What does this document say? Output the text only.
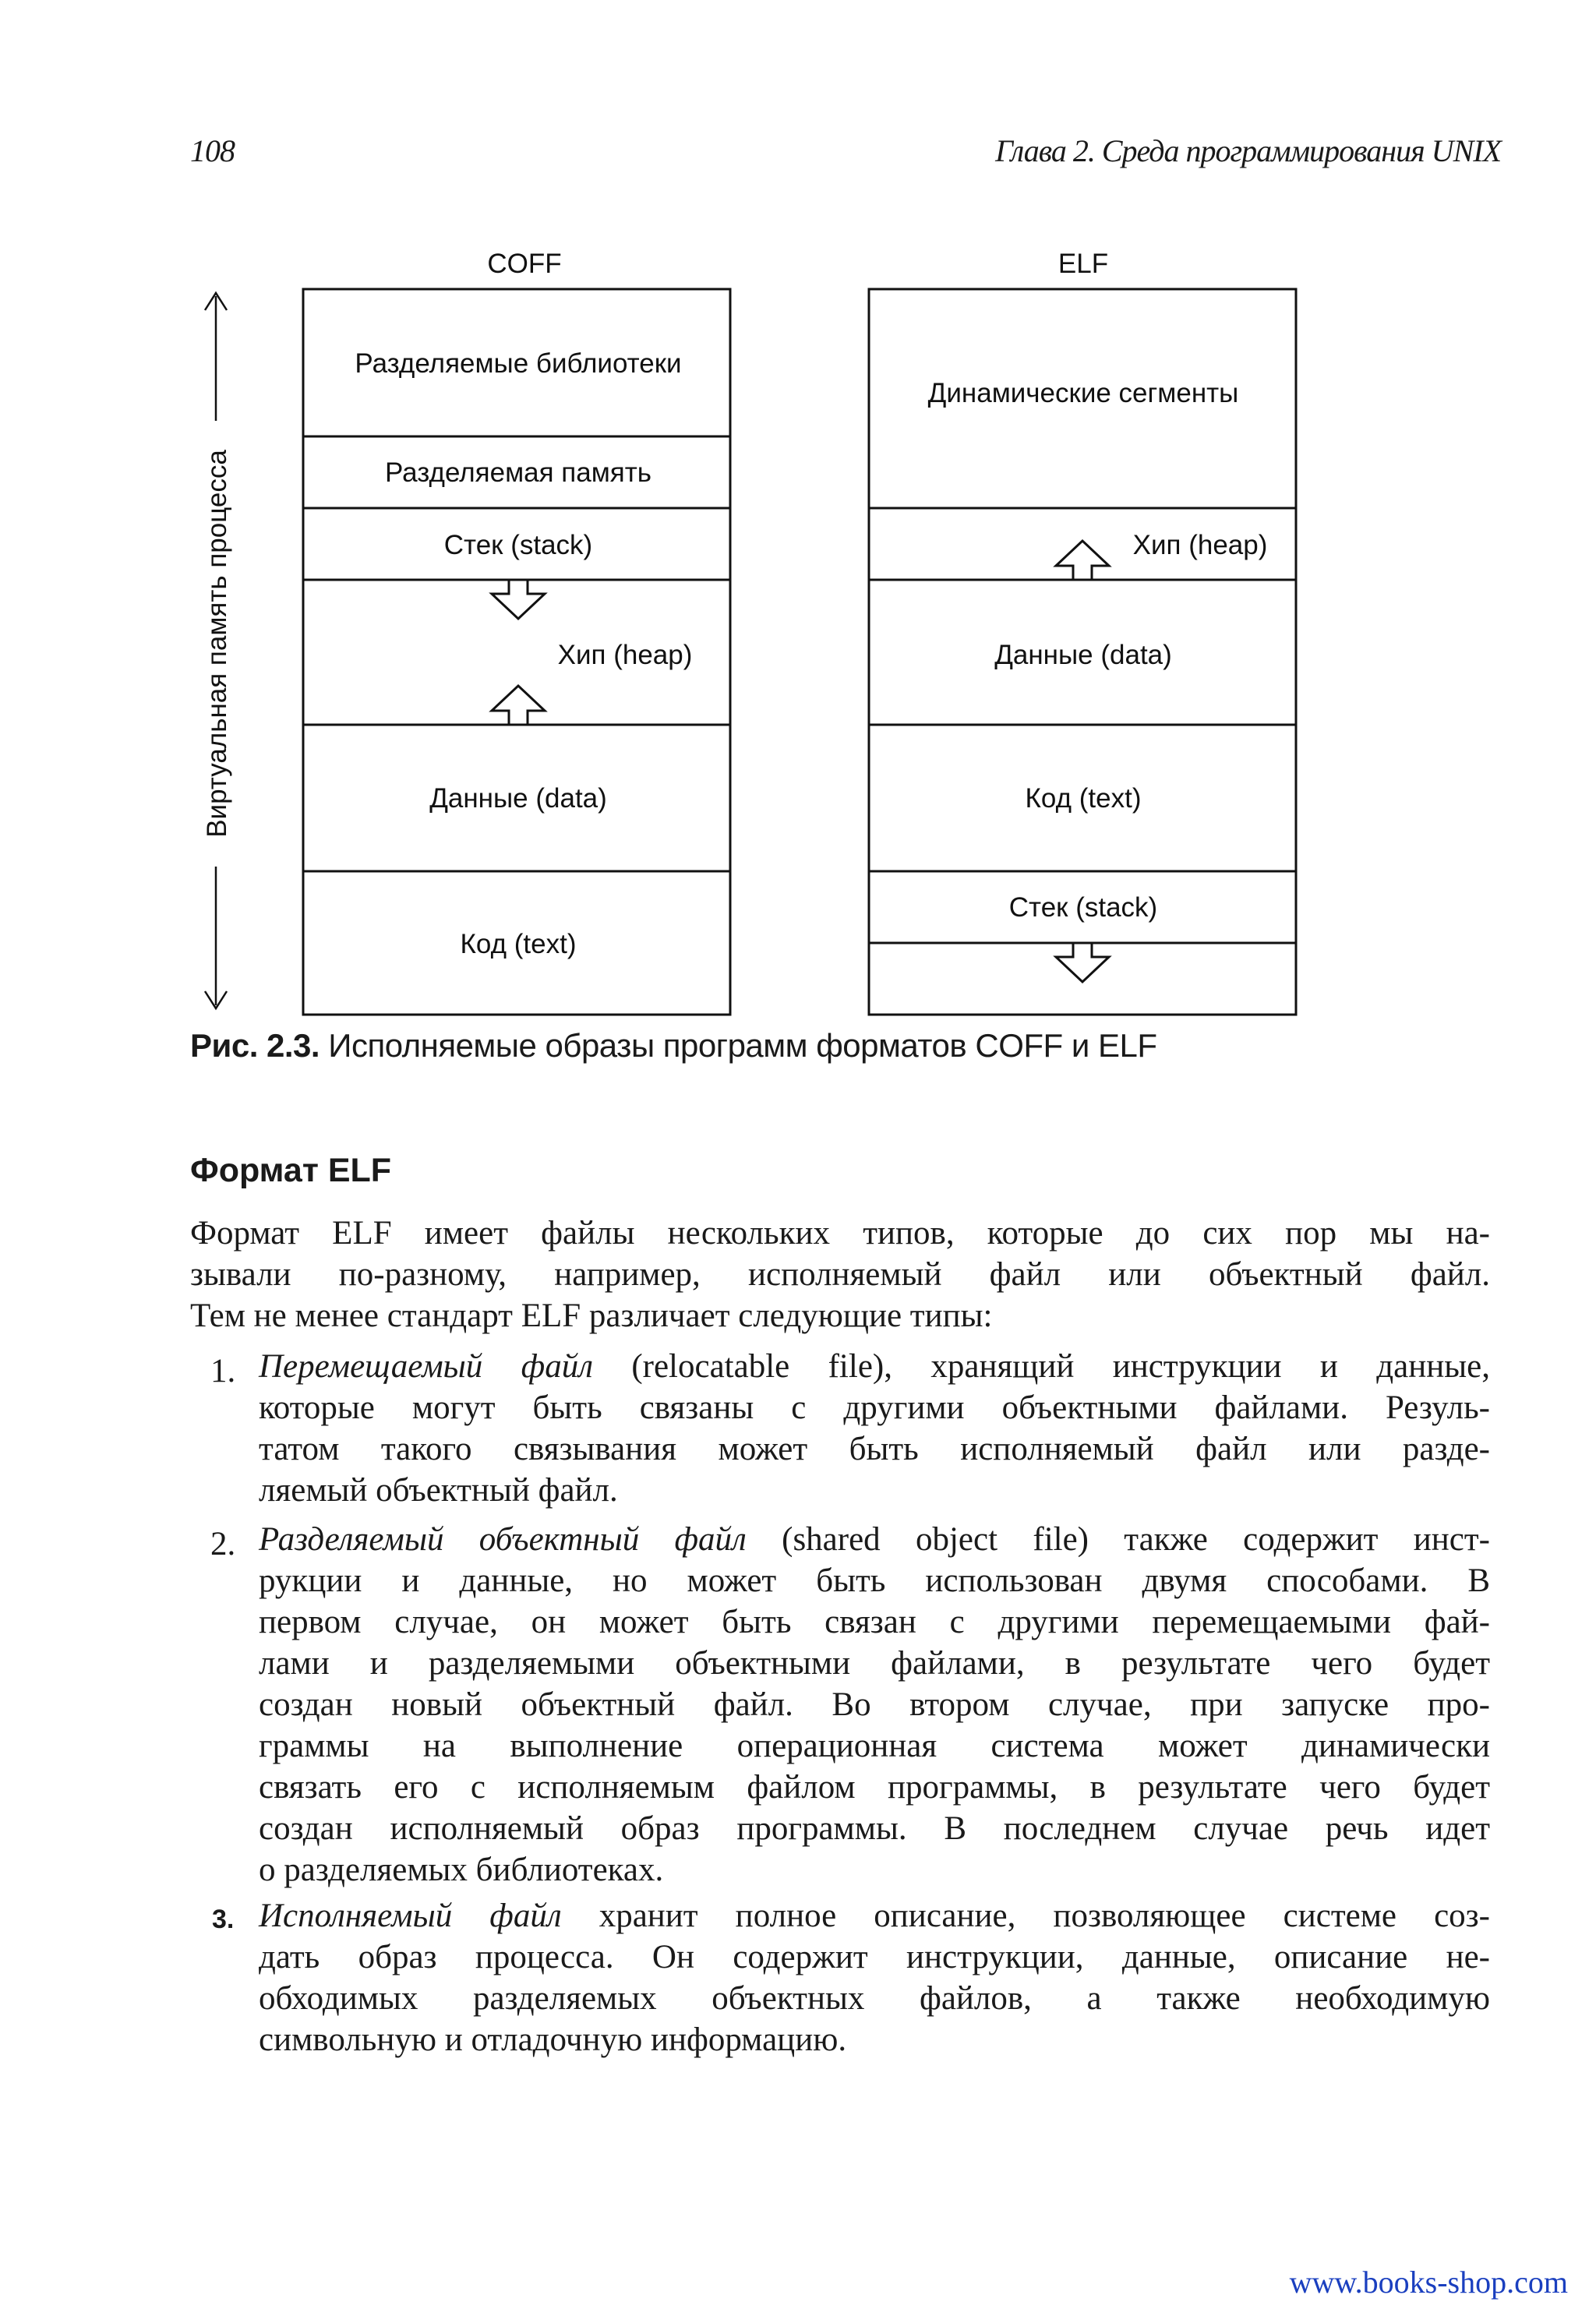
108	Глава 2. Среда программирования UNIX
Виртуальная память процесса
COFF
Разделяемые библиотеки
Разделяемая память
Стек (stack)
Хип (heap)
Данные (data)
Код (text)
ELF
Динамические сегменты
Хип (heap)
Данные (data)
Код (text)
Стек (stack)
Рис. 2.3. Исполняемые образы программ форматов COFF и ELF
Формат ELF
Формат ELF имеет файлы нескольких типов, которые до сих пор мы на-
зывали по-разному, например, исполняемый файл или объектный файл.
Тем не менее стандарт ELF различает следующие типы:
1. Перемещаемый файл (relocatable file), хранящий инструкции и данные,
которые могут быть связаны с другими объектными файлами. Резуль-
татом такого связывания может быть исполняемый файл или разде-
ляемый объектный файл.
2. Разделяемый объектный файл (shared object file) также содержит инст-
рукции и данные, но может быть использован двумя способами. В
первом случае, он может быть связан с другими перемещаемыми фай-
лами и разделяемыми объектными файлами, в результате чего будет
создан новый объектный файл. Во втором случае, при запуске про-
граммы на выполнение операционная система может динамически
связать его с исполняемым файлом программы, в результате чего будет
создан исполняемый образ программы. В последнем случае речь идет
о разделяемых библиотеках.
3. Исполняемый файл хранит полное описание, позволяющее системе соз-
дать образ процесса. Он содержит инструкции, данные, описание не-
обходимых разделяемых объектных файлов, а также необходимую
символьную и отладочную информацию.
www.books-shop.com
